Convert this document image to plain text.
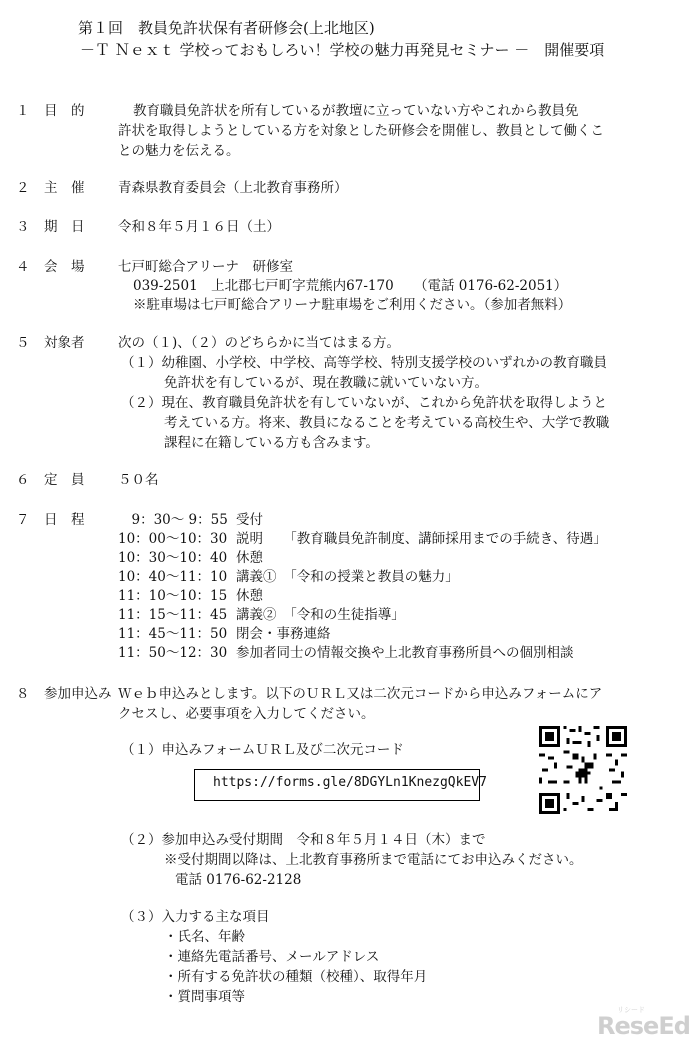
第１回　教員免許状保有者研修会(上北地区)
－Ｔ Ｎｅｘｔ 学校っておもしろい！学校の魅力再発見セミナー －　開催要項
１ 目　的	教育職員免許状を所有しているが教壇に立っていない方やこれから教員免
許状を取得しようとしている方を対象とした研修会を開催し、教員として働くこ
との魅力を伝える。
２ 主　催 青森県教育委員会（上北教育事務所）
３ 期　日 令和８年５月１６日（土）
４ 会　場 七戸町総合アリーナ　研修室
039-2501　上北郡七戸町字荒熊内67-170　　（電話 0176-62-2051）
※駐車場は七戸町総合アリーナ駐車場をご利用ください。（参加者無料）
５ 対象者 次の（１)、（２）のどちらかに当てはまる方。
（１）幼稚園、小学校、中学校、高等学校、特別支援学校のいずれかの教育職員
免許状を有しているが、現在教職に就いていない方。
（２）現在、教育職員免許状を有していないが、これから免許状を取得しようと
考えている方。将来、教員になることを考えている高校生や、大学で教職
課程に在籍している方も含みます。
６ 定　員 ５０名
７ 日　程 　9：30～ 9：55 受付
10：00～10：30 説明　　「教育職員免許制度、講師採用までの手続き、待遇」
10：30～10：40 休憩
10：40～11：10 講義①　「令和の授業と教員の魅力」
11：10～10：15 休憩
11：15～11：45 講義②　「令和の生徒指導」
11：45～11：50 閉会・事務連絡
11：50～12：30 参加者同士の情報交換や上北教育事務所員への個別相談
８ 参加申込み Ｗｅｂ申込みとします。以下のＵＲＬ又は二次元コードから申込みフォームにア
クセスし、必要事項を入力してください。
（１）申込みフォームＵＲＬ及び二次元コード
https://forms.gle/8DGYLn1KnezgQkEV7
（２）参加申込み受付期間　令和８年５月１４日（木）まで
※受付期間以降は、上北教育事務所まで電話にてお申込みください。
電話 0176-62-2128
（３）入力する主な項目
・氏名、年齢
・連絡先電話番号、メールアドレス
・所有する免許状の種類（校種）、取得年月
・質問事項等
リシード
ReseEd
